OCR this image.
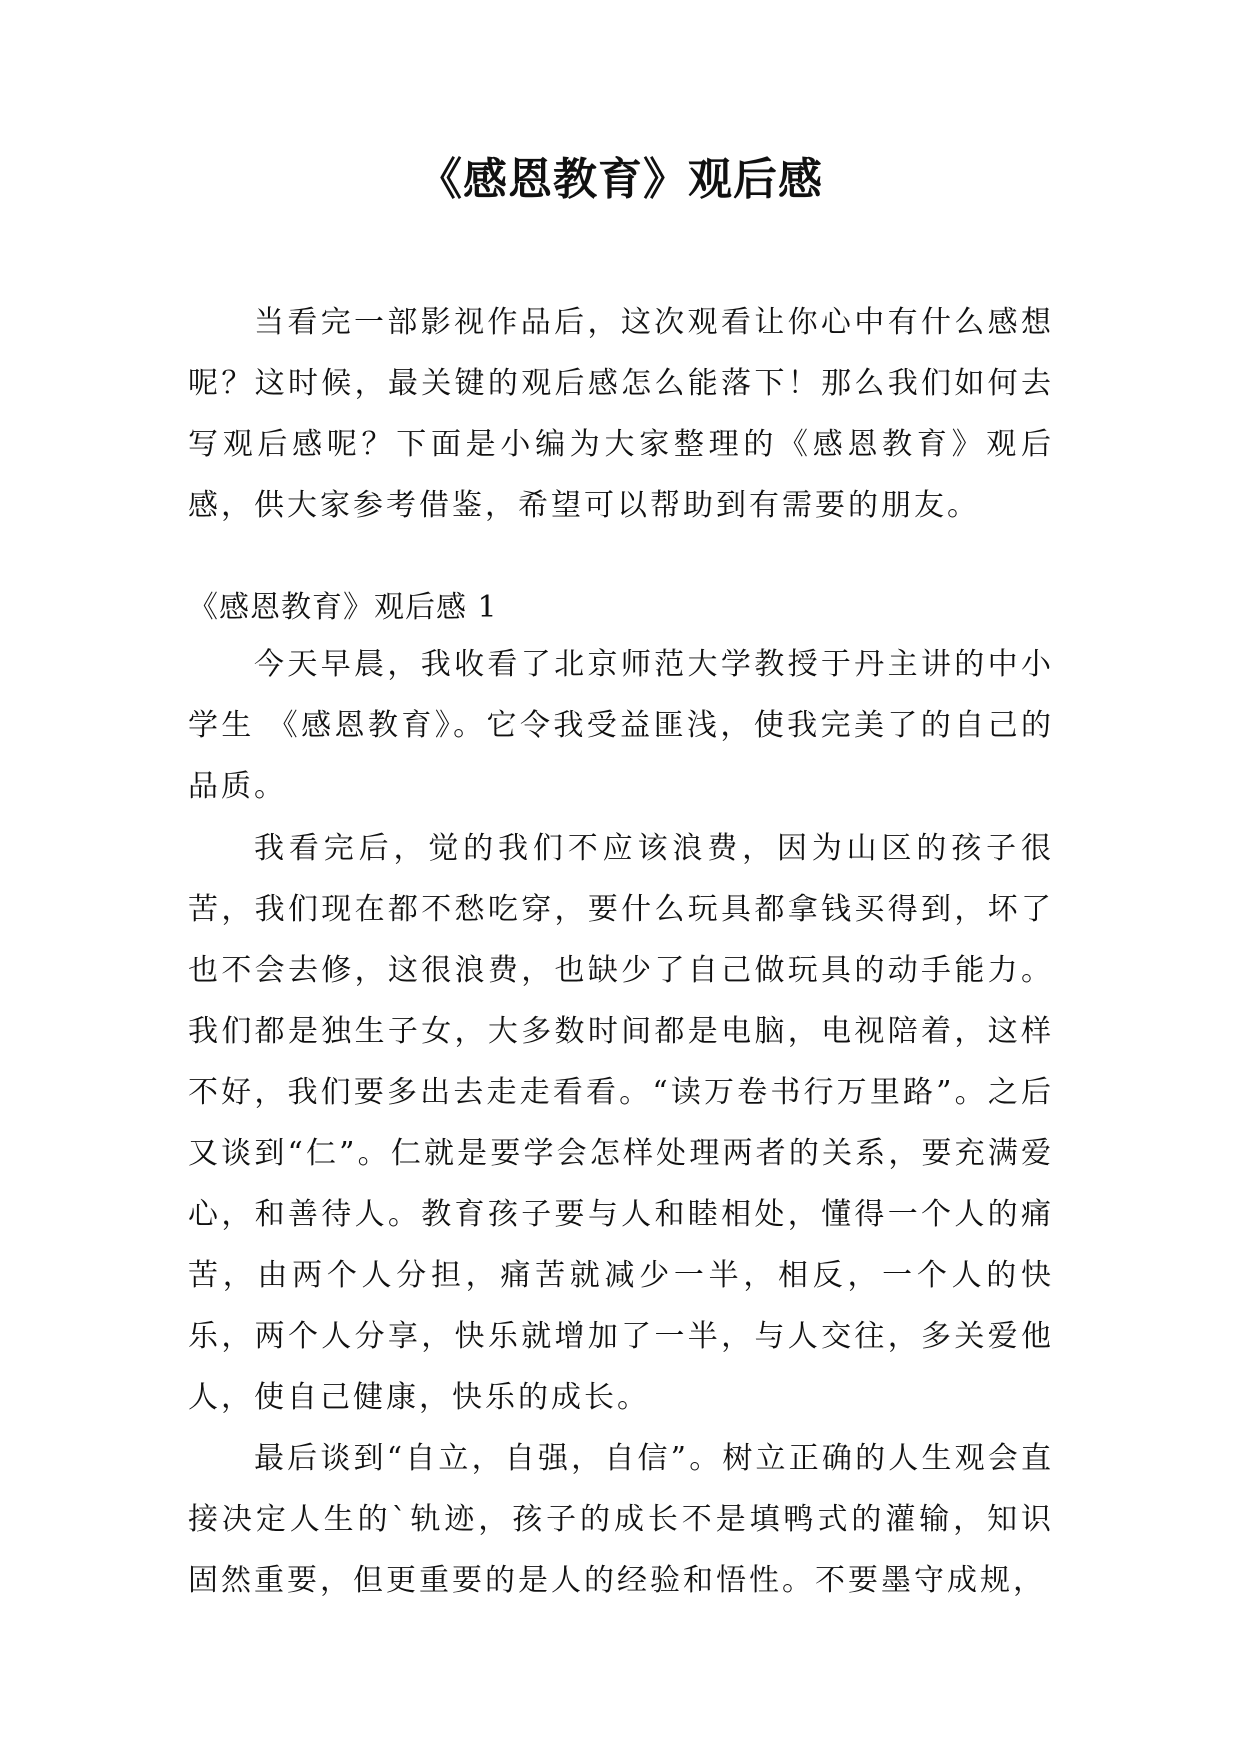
《感恩教育》观后感
当看完一部影视作品后，这次观看让你心中有什么感想呢？这时候，最关键的观后感怎么能落下！那么我们如何去写观后感呢？下面是小编为大家整理的《感恩教育》观后感，供大家参考借鉴，希望可以帮助到有需要的朋友。
《感恩教育》观后感 1
今天早晨，我收看了北京师范大学教授于丹主讲的中小学生 《感恩教育》。它令我受益匪浅，使我完美了的自己的品质。
我看完后，觉的我们不应该浪费，因为山区的孩子很苦，我们现在都不愁吃穿，要什么玩具都拿钱买得到，坏了也不会去修，这很浪费，也缺少了自己做玩具的动手能力。我们都是独生子女，大多数时间都是电脑，电视陪着，这样不好，我们要多出去走走看看。“读万卷书行万里路”。之后又谈到“仁”。仁就是要学会怎样处理两者的关系，要充满爱心，和善待人。教育孩子要与人和睦相处，懂得一个人的痛苦，由两个人分担，痛苦就减少一半，相反，一个人的快乐，两个人分享，快乐就增加了一半，与人交往，多关爱他人，使自己健康，快乐的成长。
最后谈到“自立，自强，自信”。树立正确的人生观会直接决定人生的`轨迹，孩子的成长不是填鸭式的灌输，知识固然重要，但更重要的是人的经验和悟性。不要墨守成规，
